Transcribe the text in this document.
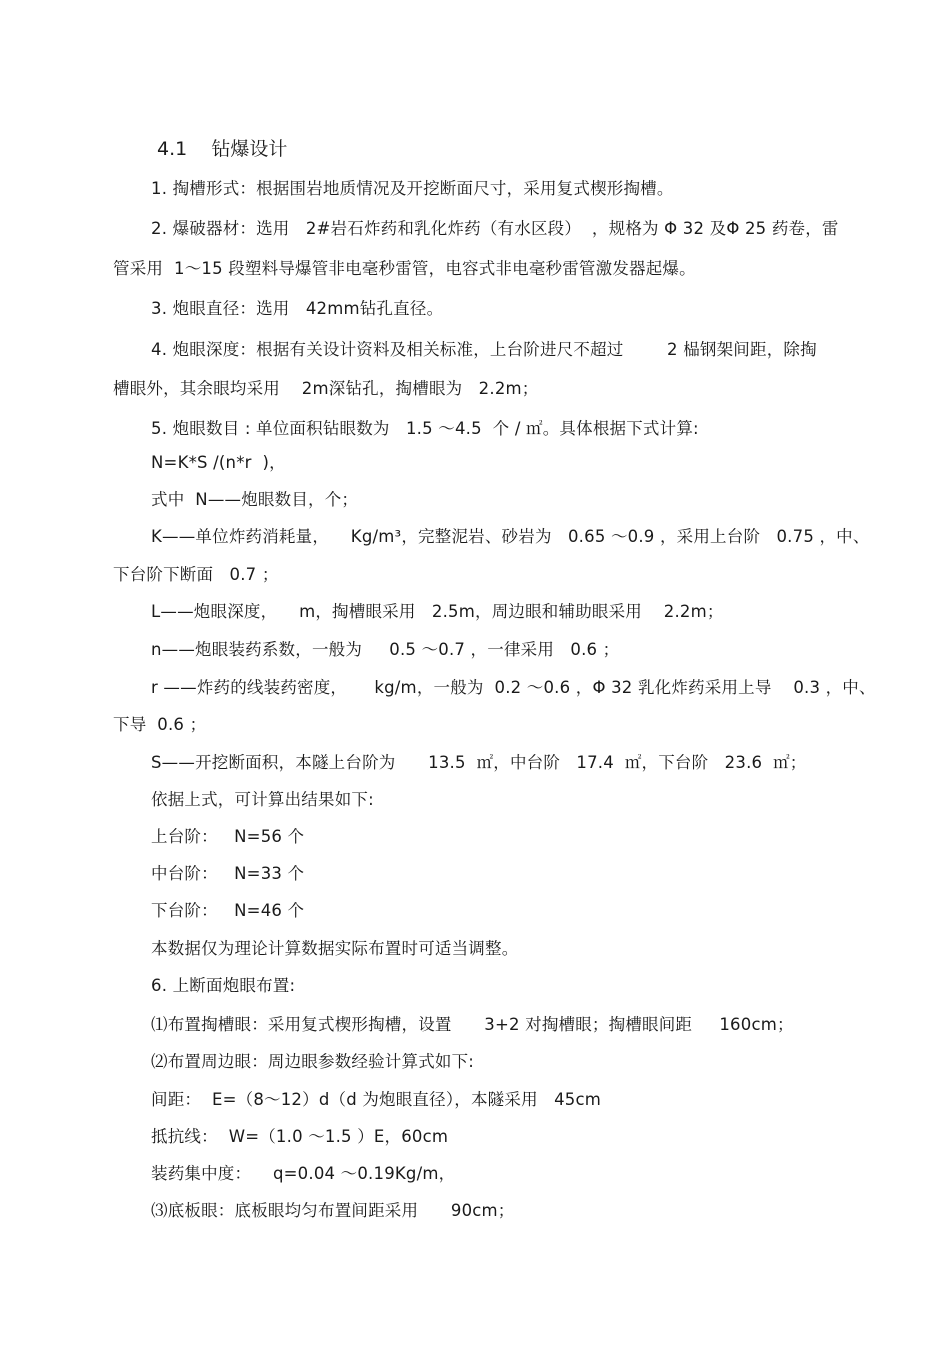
4.1    钻爆设计
1. 掏槽形式：根据围岩地质情况及开挖断面尺寸，采用复式楔形掏槽。
2. 爆破器材：选用   2#岩石炸药和乳化炸药（有水区段）  ，规格为 Φ 32 及Φ 25 药卷，雷
管采用  1～15 段塑料导爆管非电毫秒雷管，电容式非电毫秒雷管激发器起爆。
3. 炮眼直径：选用   42mm钻孔直径。
4. 炮眼深度：根据有关设计资料及相关标准，上台阶进尺不超过        2 榀钢架间距，除掏
槽眼外，其余眼均采用    2m深钻孔，掏槽眼为   2.2m；
5. 炮眼数目 : 单位面积钻眼数为   1.5 ～4.5  个 / ㎡。具体根据下式计算:
N=K*S /(n*r  )，
式中  N——炮眼数目，个；
K——单位炸药消耗量，    Kg/m³，完整泥岩、砂岩为   0.65 ～0.9 ，采用上台阶   0.75 ，中、
下台阶下断面   0.7 ；
L——炮眼深度，    m，掏槽眼采用   2.5m，周边眼和辅助眼采用    2.2m；
n——炮眼装药系数，一般为     0.5 ～0.7 ，一律采用   0.6 ；
r ——炸药的线装药密度，     kg/m，一般为  0.2 ～0.6 ，Φ 32 乳化炸药采用上导    0.3 ，中、
下导  0.6 ；
S——开挖断面积，本隧上台阶为      13.5  ㎡，中台阶   17.4  ㎡，下台阶   23.6  ㎡；
依据上式，可计算出结果如下:
上台阶：   N=56 个
中台阶：   N=33 个
下台阶：   N=46 个
本数据仅为理论计算数据实际布置时可适当调整。
6. 上断面炮眼布置:
⑴布置掏槽眼：采用复式楔形掏槽，设置      3+2 对掏槽眼；掏槽眼间距     160cm；
⑵布置周边眼：周边眼参数经验计算式如下:
间距：  E=（8～12）d（d 为炮眼直径），本隧采用   45cm
抵抗线：  W=（1.0 ～1.5 ）E，60cm
装药集中度：    q=0.04 ～0.19Kg/m，
⑶底板眼：底板眼均匀布置间距采用      90cm；
